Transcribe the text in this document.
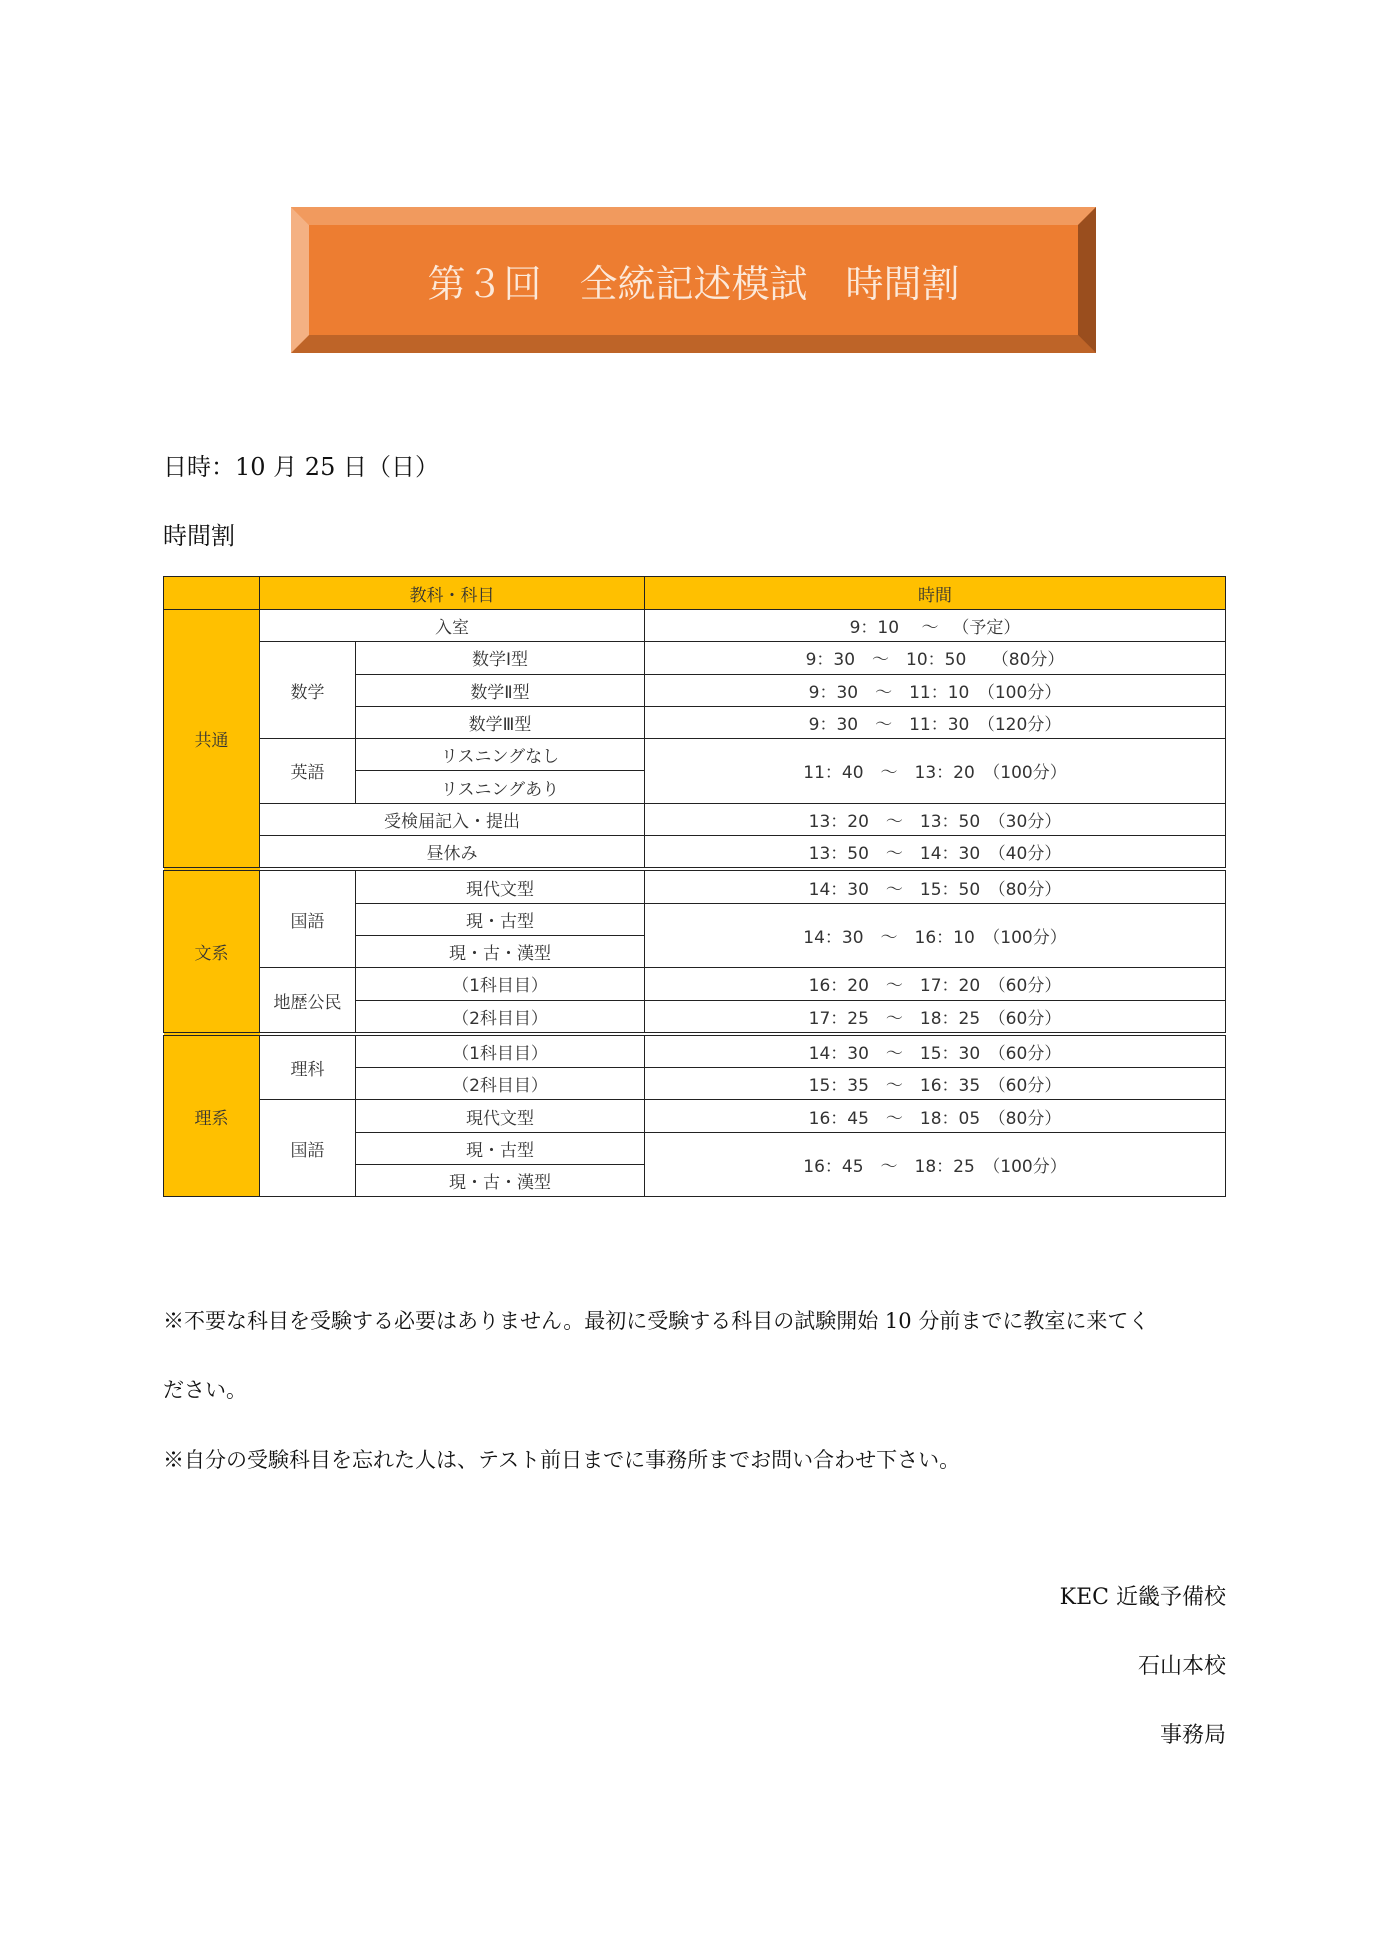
第３回　全統記述模試　時間割
日時：10 月 25 日（日）
時間割
	教科・科目		時間
共通	入室		9：10　 〜 　（予定）
	数学	数学Ⅰ型	9：30　〜　10：50　　（80分）
		数学Ⅱ型	9：30　〜　11：10　（100分）
		数学Ⅲ型	9：30　〜　11：30　（120分）
	英語	リスニングなし	11：40　〜　13：20　（100分）
		リスニングあり	
	受検届記入・提出		13：20　〜　13：50　（30分）
	昼休み		13：50　〜　14：30　（40分）
文系	国語	現代文型	14：30　〜　15：50　（80分）
		現・古型	14：30　〜　16：10　（100分）
		現・古・漢型	
	地歴公民	（1科目目）	16：20　〜　17：20　（60分）
		（2科目目）	17：25　〜　18：25　（60分）
理系	理科	（1科目目）	14：30　〜　15：30　（60分）
		（2科目目）	15：35　〜　16：35　（60分）
	国語	現代文型	16：45　〜　18：05　（80分）
		現・古型	16：45　〜　18：25　（100分）
		現・古・漢型	
※不要な科目を受験する必要はありません。最初に受験する科目の試験開始 10 分前までに教室に来てく
ださい。
※自分の受験科目を忘れた人は、テスト前日までに事務所までお問い合わせ下さい。
KEC 近畿予備校
石山本校
事務局
